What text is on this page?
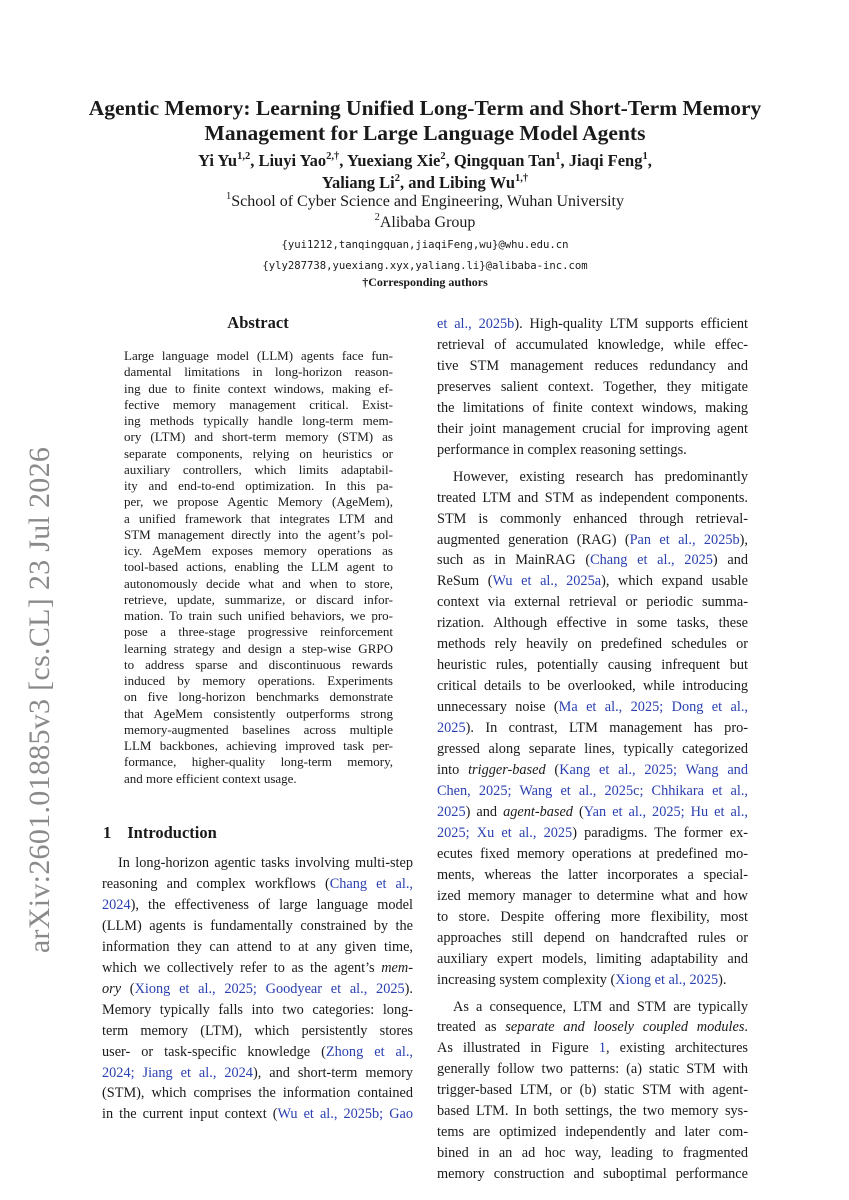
arXiv:2601.01885v3 [cs.CL] 23 Jul 2026
Agentic Memory: Learning Unified Long-Term and Short-Term Memory
Management for Large Language Model Agents
Yi Yu$^{1,2}$, Liuyi Yao$^{2,\dagger}$, Yuexiang Xie$^2$, Qingquan Tan$^1$, Jiaqi Feng$^1$,
Yaliang Li$^2$, and Libing $Wu^{1,\dagger}$
$^1$School of Cyber Science and Engineering, Wuhan University
$^2$Alibaba Group
{yui1212,tanqingquan,jiaqiFeng,wu}@whu.edu.cn
{yly287738,yuexiang.xyx,yaliang.li}@alibaba-inc.com
†Corresponding authors
Abstract
Large language model (LLM) agents face fun-
damental limitations in long-horizon reason-
ing due to finite context windows, making ef-
fective memory management critical. Exist-
ing methods typically handle long-term mem-
ory (LTM) and short-term memory (STM) as
separate components, relying on heuristics or
auxiliary controllers, which limits adaptabil-
ity and end-to-end optimization. In this pa-
per, we propose Agentic Memory (AgeMem),
a unified framework that integrates LTM and
STM management directly into the agent’s pol-
icy. AgeMem exposes memory operations as
tool-based actions, enabling the LLM agent to
autonomously decide what and when to store,
retrieve, update, summarize, or discard infor-
mation. To train such unified behaviors, we pro-
pose a three-stage progressive reinforcement
learning strategy and design a step-wise GRPO
to address sparse and discontinuous rewards
induced by memory operations. Experiments
on five long-horizon benchmarks demonstrate
that AgeMem consistently outperforms strong
memory-augmented baselines across multiple
LLM backbones, achieving improved task per-
formance, higher-quality long-term memory,
and more efficient context usage.
1 Introduction
In long-horizon agentic tasks involving multi-step
reasoning and complex workflows (Chang et al.,
2024), the effectiveness of large language model
(LLM) agents is fundamentally constrained by the
information they can attend to at any given time,
which we collectively refer to as the agent’s mem-
ory (Xiong et al., 2025; Goodyear et al., 2025).
Memory typically falls into two categories: long-
term memory (LTM), which persistently stores
user- or task-specific knowledge (Zhong et al.,
2024; Jiang et al., 2024), and short-term memory
(STM), which comprises the information contained
in the current input context (Wu et al., 2025b; Gao
et al., 2025b). High-quality LTM supports efficient
retrieval of accumulated knowledge, while effec-
tive STM management reduces redundancy and
preserves salient context. Together, they mitigate
the limitations of finite context windows, making
their joint management crucial for improving agent
performance in complex reasoning settings.
However, existing research has predominantly
treated LTM and STM as independent components.
STM is commonly enhanced through retrieval-
augmented generation (RAG) (Pan et al., 2025b),
such as in MainRAG (Chang et al., 2025) and
ReSum (Wu et al., 2025a), which expand usable
context via external retrieval or periodic summa-
rization. Although effective in some tasks, these
methods rely heavily on predefined schedules or
heuristic rules, potentially causing infrequent but
critical details to be overlooked, while introducing
unnecessary noise (Ma et al., 2025; Dong et al.,
2025). In contrast, LTM management has pro-
gressed along separate lines, typically categorized
into trigger-based (Kang et al., 2025; Wang and
Chen, 2025; Wang et al., 2025c; Chhikara et al.,
2025) and agent-based (Yan et al., 2025; Hu et al.,
2025; Xu et al., 2025) paradigms. The former ex-
ecutes fixed memory operations at predefined mo-
ments, whereas the latter incorporates a special-
ized memory manager to determine what and how
to store. Despite offering more flexibility, most
approaches still depend on handcrafted rules or
auxiliary expert models, limiting adaptability and
increasing system complexity (Xiong et al., 2025).
As a consequence, LTM and STM are typically
treated as separate and loosely coupled modules.
As illustrated in Figure 1, existing architectures
generally follow two patterns: (a) static STM with
trigger-based LTM, or (b) static STM with agent-
based LTM. In both settings, the two memory sys-
tems are optimized independently and later com-
bined in an ad hoc way, leading to fragmented
memory construction and suboptimal performance
